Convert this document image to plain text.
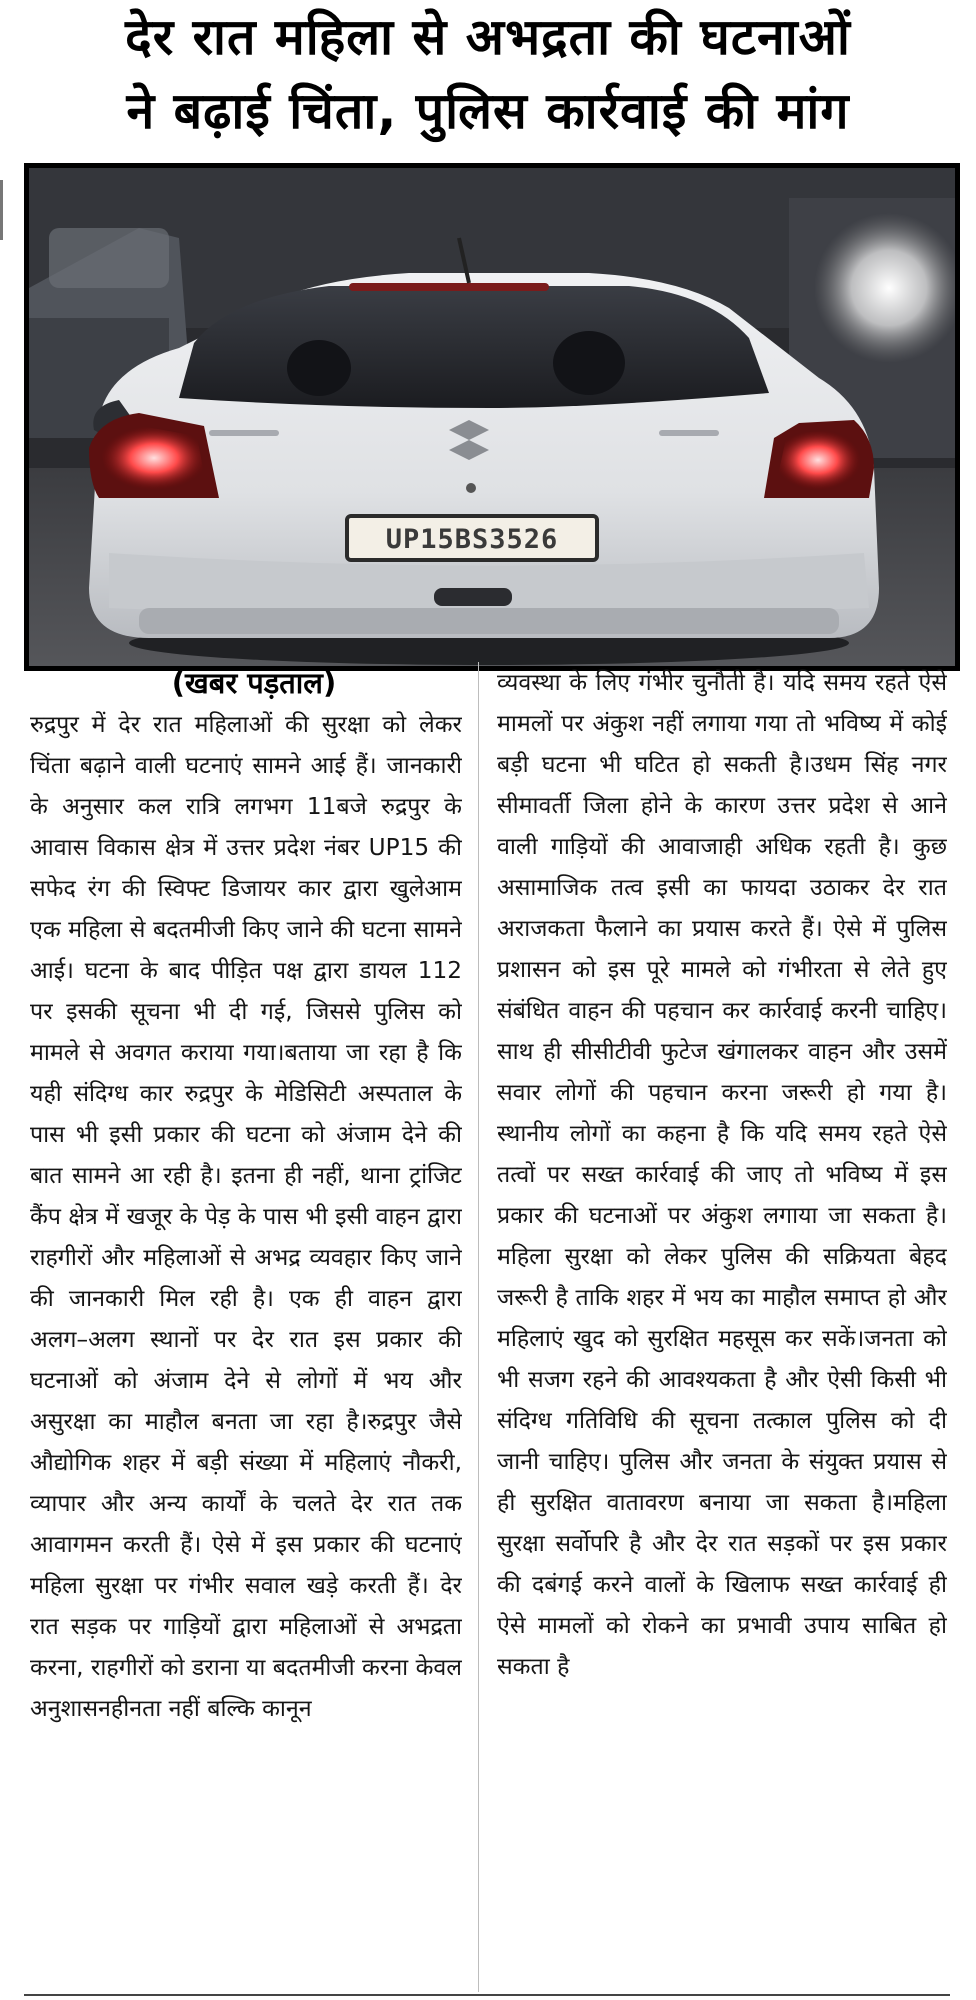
देर रात महिला से अभद्रता की घटनाओं
ने बढ़ाई चिंता, पुलिस कार्रवाई की मांग
UP15BS3526
(खबर पड़ताल)
रुद्रपुर में देर रात महिलाओं की सुरक्षा को लेकर चिंता बढ़ाने वाली घटनाएं सामने आई हैं। जानकारी के अनुसार कल रात्रि लगभग 11बजे रुद्रपुर के आवास विकास क्षेत्र में उत्तर प्रदेश नंबर UP15 की सफेद रंग की स्विफ्ट डिजायर कार द्वारा खुलेआम एक महिला से बदतमीजी किए जाने की घटना सामने आई। घटना के बाद पीड़ित पक्ष द्वारा डायल 112 पर इसकी सूचना भी दी गई, जिससे पुलिस को मामले से अवगत कराया गया।बताया जा रहा है कि यही संदिग्ध कार रुद्रपुर के मेडिसिटी अस्पताल के पास भी इसी प्रकार की घटना को अंजाम देने की बात सामने आ रही है। इतना ही नहीं, थाना ट्रांजिट कैंप क्षेत्र में खजूर के पेड़ के पास भी इसी वाहन द्वारा राहगीरों और महिलाओं से अभद्र व्यवहार किए जाने की जानकारी मिल रही है। एक ही वाहन द्वारा अलग–अलग स्थानों पर देर रात इस प्रकार की घटनाओं को अंजाम देने से लोगों में भय और असुरक्षा का माहौल बनता जा रहा है।रुद्रपुर जैसे औद्योगिक शहर में बड़ी संख्या में महिलाएं नौकरी, व्यापार और अन्य कार्यों के चलते देर रात तक आवागमन करती हैं। ऐसे में इस प्रकार की घटनाएं महिला सुरक्षा पर गंभीर सवाल खड़े करती हैं। देर रात सड़क पर गाड़ियों द्वारा महिलाओं से अभद्रता करना, राहगीरों को डराना या बदतमीजी करना केवल अनुशासनहीनता नहीं बल्कि कानून
व्यवस्था के लिए गंभीर चुनौती है। यदि समय रहते ऐसे मामलों पर अंकुश नहीं लगाया गया तो भविष्य में कोई बड़ी घटना भी घटित हो सकती है।उधम सिंह नगर सीमावर्ती जिला होने के कारण उत्तर प्रदेश से आने वाली गाड़ियों की आवाजाही अधिक रहती है। कुछ असामाजिक तत्व इसी का फायदा उठाकर देर रात अराजकता फैलाने का प्रयास करते हैं। ऐसे में पुलिस प्रशासन को इस पूरे मामले को गंभीरता से लेते हुए संबंधित वाहन की पहचान कर कार्रवाई करनी चाहिए। साथ ही सीसीटीवी फुटेज खंगालकर वाहन और उसमें सवार लोगों की पहचान करना जरूरी हो गया है।स्थानीय लोगों का कहना है कि यदि समय रहते ऐसे तत्वों पर सख्त कार्रवाई की जाए तो भविष्य में इस प्रकार की घटनाओं पर अंकुश लगाया जा सकता है। महिला सुरक्षा को लेकर पुलिस की सक्रियता बेहद जरूरी है ताकि शहर में भय का माहौल समाप्त हो और महिलाएं खुद को सुरक्षित महसूस कर सकें।जनता को भी सजग रहने की आवश्यकता है और ऐसी किसी भी संदिग्ध गतिविधि की सूचना तत्काल पुलिस को दी जानी चाहिए। पुलिस और जनता के संयुक्त प्रयास से ही सुरक्षित वातावरण बनाया जा सकता है।महिला सुरक्षा सर्वोपरि है और देर रात सड़कों पर इस प्रकार की दबंगई करने वालों के खिलाफ सख्त कार्रवाई ही ऐसे मामलों को रोकने का प्रभावी उपाय साबित हो सकता है
